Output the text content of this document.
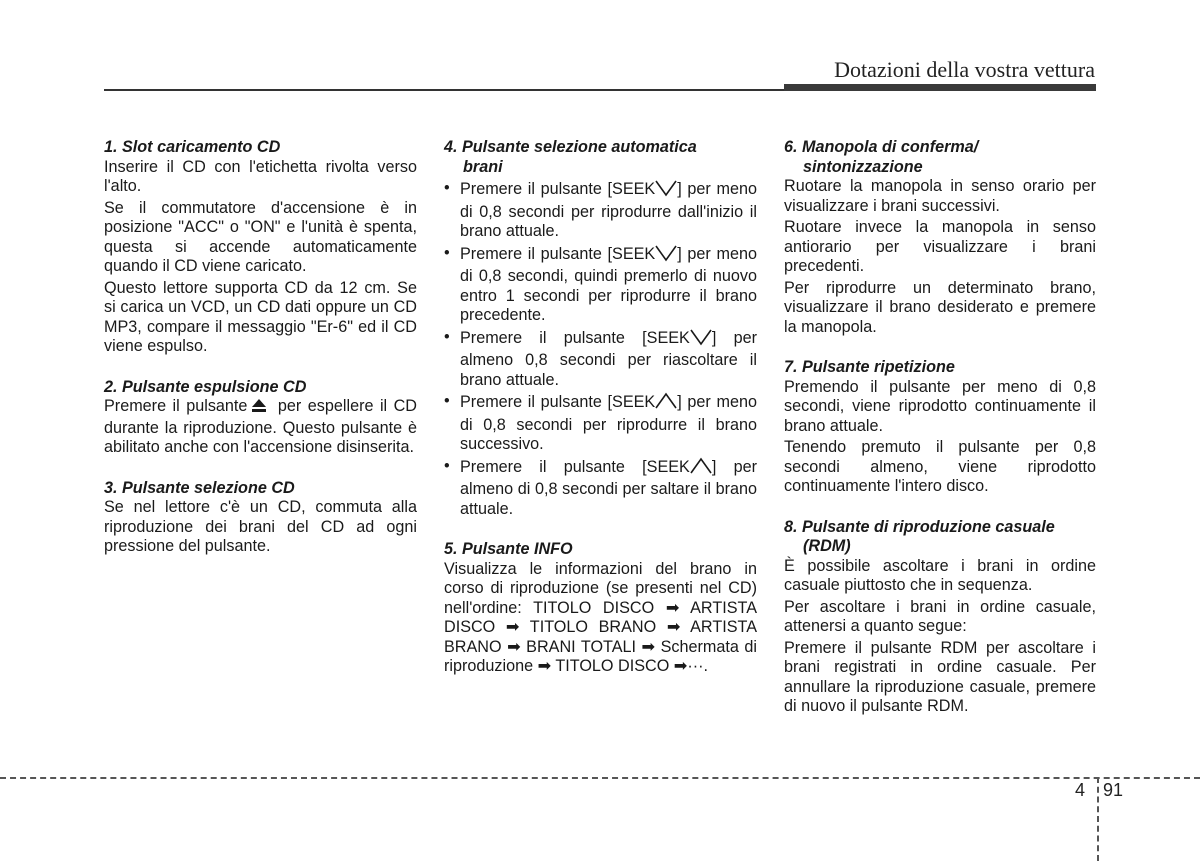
Dotazioni della vostra vettura
1. Slot caricamento CD

Inserire il CD con l'etichetta rivolta verso l'alto.

Se il commutatore d'accensione è in posizione "ACC" o "ON" e l'unità è spenta, questa si accende automaticamente quando il CD viene caricato.

Questo lettore supporta CD da 12 cm. Se si carica un VCD, un CD dati oppure un CD MP3, compare il messaggio "Er-6" ed il CD viene espulso.

2. Pulsante espulsione CD

Premere il pulsante per espellere il CD durante la riproduzione. Questo pulsante è abilitato anche con l'accensione disinserita.

3. Pulsante selezione CD

Se nel lettore c'è un CD, commuta alla riproduzione dei brani del CD ad ogni pressione del pulsante.

4. Pulsante selezione automatica
brani
• Premere il pulsante [SEEK ] per meno di 0,8 secondi per riprodurre dall'inizio il brano attuale.
• Premere il pulsante [SEEK ] per meno di 0,8 secondi, quindi premerlo di nuovo entro 1 secondi per riprodurre il brano precedente.
• Premere il pulsante [SEEK ] per almeno 0,8 secondi per riascoltare il brano attuale.
• Premere il pulsante [SEEK ] per meno di 0,8 secondi per riprodurre il brano successivo.
• Premere il pulsante [SEEK ] per almeno di 0,8 secondi per saltare il brano attuale.
5. Pulsante INFO

Visualizza le informazioni del brano in corso di riproduzione (se presenti nel CD) nell'ordine: TITOLO DISCO ➡ ARTISTA DISCO ➡ TITOLO BRANO ➡ ARTISTA BRANO ➡ BRANI TOTALI ➡ Schermata di riproduzione ➡ TITOLO DISCO ➡···.

6. Manopola di conferma/
sintonizzazione

Ruotare la manopola in senso orario per visualizzare i brani successivi.

Ruotare invece la manopola in senso antiorario per visualizzare i brani precedenti.

Per riprodurre un determinato brano, visualizzare il brano desiderato e premere la manopola.

7. Pulsante ripetizione

Premendo il pulsante per meno di 0,8 secondi, viene riprodotto continuamente il brano attuale.

Tenendo premuto il pulsante per 0,8 secondi almeno, viene riprodotto continuamente l'intero disco.

8. Pulsante di riproduzione casuale
(RDM)

È possibile ascoltare i brani in ordine casuale piuttosto che in sequenza.

Per ascoltare i brani in ordine casuale, attenersi a quanto segue:

Premere il pulsante RDM per ascoltare i brani registrati in ordine casuale. Per annullare la riproduzione casuale, premere di nuovo il pulsante RDM.

4 91
